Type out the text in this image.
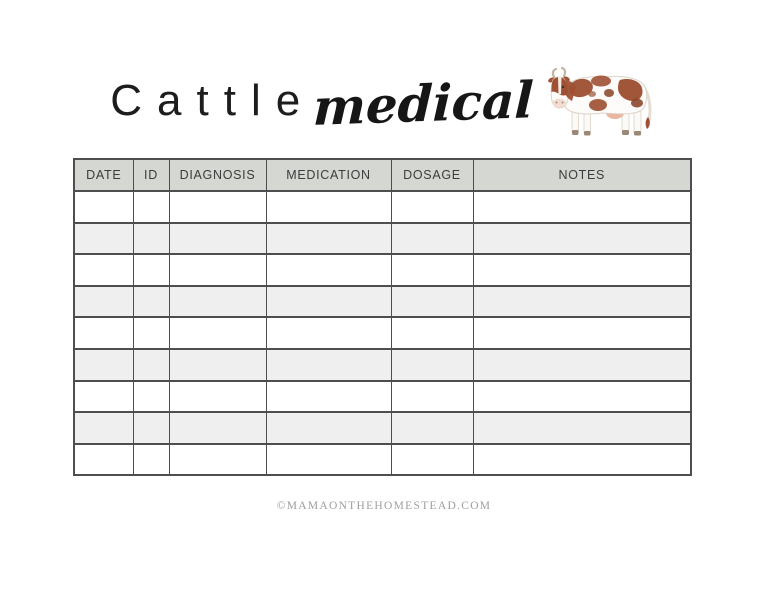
Cattle
medical
DATE	ID	DIAGNOSIS	MEDICATION	DOSAGE	NOTES

©MAMAONTHEHOMESTEAD.COM
